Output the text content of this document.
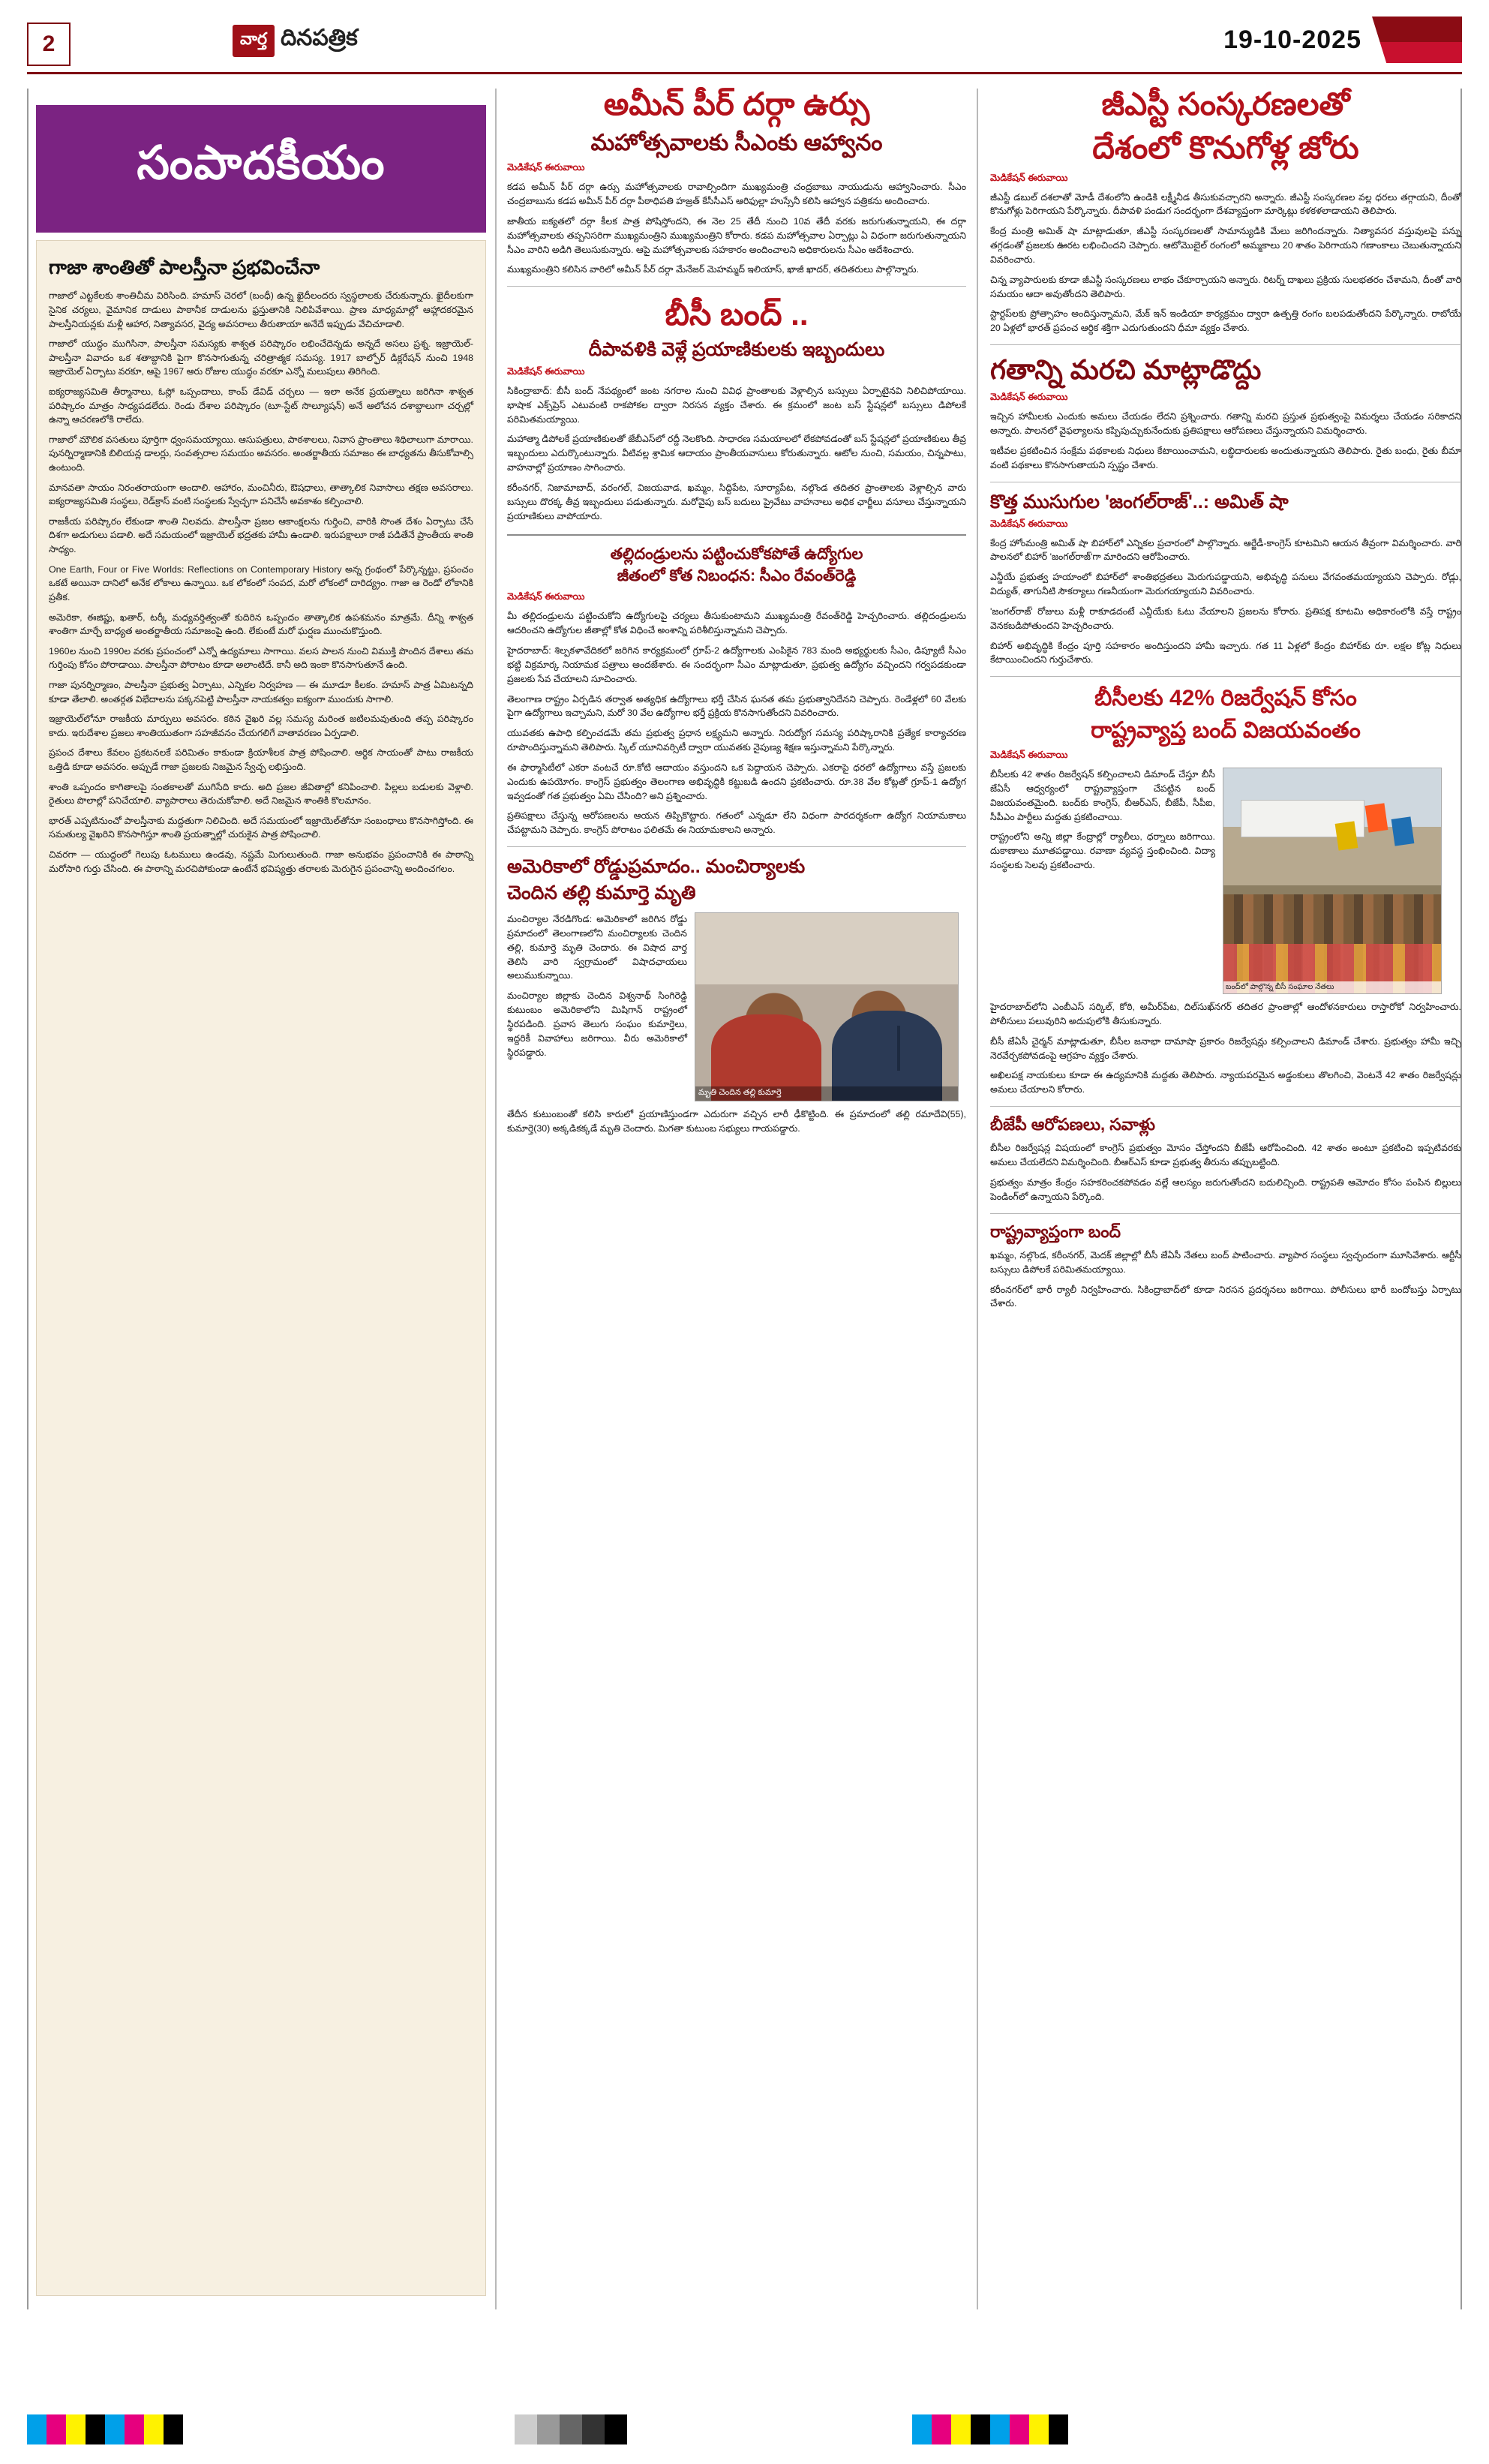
2	వార్త దినపత్రిక	19-10-2025
సంపాదకీయం
గాజా శాంతితో పాలస్తీనా ప్రభవించేనా

గాజాలో ఎట్టకేలకు శాంతిచీమ విరిసింది. హమాస్ చెరలో (బంధీ) ఉన్న ఖైదీలందరు స్వస్థలాలకు చేరుకున్నారు. ఖైదీలకుగా సైనిక చర్యలు, వైమానిక దాడులు పాఠానీక దాడులను ఫ్రస్తుతానికి నిలిపివేశాయి. ప్రాణ మాధ్యమాల్లో ఆహ్లాదకరమైన పాలస్తీనియన్లకు మళ్లీ ఆహార, నిత్యావసర, వైద్య అవసరాలు తీరుతాయా అనేదే ఇప్పుడు వేచిచూడాలి.

గాజాలో యుద్ధం ముగిసినా, పాలస్తీనా సమస్యకు శాశ్వత పరిష్కారం లభించేదెన్నడు అన్నదే అసలు ప్రశ్న. ఇజ్రాయెల్-పాలస్తీనా వివాదం ఒక శతాబ్దానికి పైగా కొనసాగుతున్న చరిత్రాత్మక సమస్య. 1917 బాల్ఫోర్ డిక్లరేషన్ నుంచి 1948 ఇజ్రాయెల్ ఏర్పాటు వరకూ, ఆపై 1967 ఆరు రోజుల యుద్ధం వరకూ ఎన్నో మలుపులు తిరిగింది.

ఐక్యరాజ్యసమితి తీర్మానాలు, ఓస్లో ఒప్పందాలు, కాంప్ డేవిడ్ చర్చలు — ఇలా అనేక ప్రయత్నాలు జరిగినా శాశ్వత పరిష్కారం మాత్రం సాధ్యపడలేదు. రెండు దేశాల పరిష్కారం (టూ-స్టేట్ సొల్యూషన్) అనే ఆలోచన దశాబ్దాలుగా చర్చల్లో ఉన్నా ఆచరణలోకి రాలేదు.

గాజాలో మౌలిక వసతులు పూర్తిగా ధ్వంసమయ్యాయి. ఆసుపత్రులు, పాఠశాలలు, నివాస ప్రాంతాలు శిథిలాలుగా మారాయి. పునర్నిర్మాణానికి బిలియన్ల డాలర్లు, సంవత్సరాల సమయం అవసరం. అంతర్జాతీయ సమాజం ఈ బాధ్యతను తీసుకోవాల్సి ఉంటుంది.

మానవతా సాయం నిరంతరాయంగా అందాలి. ఆహారం, మంచినీరు, ఔషధాలు, తాత్కాలిక నివాసాలు తక్షణ అవసరాలు. ఐక్యరాజ్యసమితి సంస్థలు, రెడ్‌క్రాస్ వంటి సంస్థలకు స్వేచ్ఛగా పనిచేసే అవకాశం కల్పించాలి.

రాజకీయ పరిష్కారం లేకుండా శాంతి నిలవదు. పాలస్తీనా ప్రజల ఆకాంక్షలను గుర్తించి, వారికి సొంత దేశం ఏర్పాటు చేసే దిశగా అడుగులు పడాలి. అదే సమయంలో ఇజ్రాయెల్ భద్రతకు హామీ ఉండాలి. ఇరుపక్షాలూ రాజీ పడితేనే ప్రాంతీయ శాంతి సాధ్యం.

One Earth, Four or Five Worlds: Reflections on Contemporary History అన్న గ్రంథంలో పేర్కొన్నట్టు, ప్రపంచం ఒకటే అయినా దానిలో అనేక లోకాలు ఉన్నాయి. ఒక లోకంలో సంపద, మరో లోకంలో దారిద్య్రం. గాజా ఆ రెండో లోకానికి ప్రతీక.

అమెరికా, ఈజిప్టు, ఖతార్, టర్కీ మధ్యవర్తిత్వంతో కుదిరిన ఒప్పందం తాత్కాలిక ఉపశమనం మాత్రమే. దీన్ని శాశ్వత శాంతిగా మార్చే బాధ్యత అంతర్జాతీయ సమాజంపై ఉంది. లేకుంటే మరో ఘర్షణ ముంచుకొస్తుంది.

1960ల నుంచి 1990ల వరకు ప్రపంచంలో ఎన్నో ఉద్యమాలు సాగాయి. వలస పాలన నుంచి విముక్తి పొందిన దేశాలు తమ గుర్తింపు కోసం పోరాడాయి. పాలస్తీనా పోరాటం కూడా అలాంటిదే. కానీ అది ఇంకా కొనసాగుతూనే ఉంది.

గాజా పునర్నిర్మాణం, పాలస్తీనా ప్రభుత్వ ఏర్పాటు, ఎన్నికల నిర్వహణ — ఈ మూడూ కీలకం. హమాస్ పాత్ర ఏమిటన్నది కూడా తేలాలి. అంతర్గత విభేదాలను పక్కనపెట్టి పాలస్తీనా నాయకత్వం ఐక్యంగా ముందుకు సాగాలి.

ఇజ్రాయెల్‌లోనూ రాజకీయ మార్పులు అవసరం. కఠిన వైఖరి వల్ల సమస్య మరింత జటిలమవుతుంది తప్ప పరిష్కారం కాదు. ఇరుదేశాల ప్రజలు శాంతియుతంగా సహజీవనం చేయగలిగే వాతావరణం ఏర్పడాలి.

ప్రపంచ దేశాలు కేవలం ప్రకటనలకే పరిమితం కాకుండా క్రియాశీలక పాత్ర పోషించాలి. ఆర్థిక సాయంతో పాటు రాజకీయ ఒత్తిడి కూడా అవసరం. అప్పుడే గాజా ప్రజలకు నిజమైన స్వేచ్ఛ లభిస్తుంది.

శాంతి ఒప్పందం కాగితాలపై సంతకాలతో ముగిసేది కాదు. అది ప్రజల జీవితాల్లో కనిపించాలి. పిల్లలు బడులకు వెళ్లాలి. రైతులు పొలాల్లో పనిచేయాలి. వ్యాపారాలు తెరుచుకోవాలి. అదే నిజమైన శాంతికి కొలమానం.

భారత్ ఎప్పటినుంచో పాలస్తీనాకు మద్దతుగా నిలిచింది. అదే సమయంలో ఇజ్రాయెల్‌తోనూ సంబంధాలు కొనసాగిస్తోంది. ఈ సమతుల్య వైఖరిని కొనసాగిస్తూ శాంతి ప్రయత్నాల్లో చురుకైన పాత్ర పోషించాలి.

చివరగా — యుద్ధంలో గెలుపు ఓటములు ఉండవు, నష్టమే మిగులుతుంది. గాజా అనుభవం ప్రపంచానికి ఈ పాఠాన్ని మరోసారి గుర్తు చేసింది. ఈ పాఠాన్ని మరచిపోకుండా ఉంటేనే భవిష్యత్తు తరాలకు మెరుగైన ప్రపంచాన్ని అందించగలం.

అమీన్ పీర్ దర్గా ఉర్సు
మహోత్సవాలకు సీఎంకు ఆహ్వానం
మెడికేషన్ ఈరువాయి

కడప అమీన్ పీర్ దర్గా ఉర్సు మహోత్సవాలకు రావాల్సిందిగా ముఖ్యమంత్రి చంద్రబాబు నాయుడును ఆహ్వానించారు. సీఎం చంద్రబాబును కడప అమీన్ పీర్ దర్గా పీఠాధిపతి హజ్రత్ కేసీసీఎస్ ఆరిఫుల్లా హుస్సేనీ కలిసి ఆహ్వాన పత్రికను అందించారు.

జాతీయ ఐక్యతలో దర్గా కీలక పాత్ర పోషిస్తోందని, ఈ నెల 25 తేదీ నుంచి 10వ తేదీ వరకు జరుగుతున్నాయని, ఈ దర్గా మహోత్సవాలకు తప్పనిసరిగా ముఖ్యమంత్రిని ముఖ్యమంత్రిని కోరారు. కడప మహోత్సవాల ఏర్పాట్లు ఏ విధంగా జరుగుతున్నాయని సీఎం వారిని అడిగి తెలుసుకున్నారు. ఆపై మహోత్సవాలకు సహకారం అందించాలని అధికారులను సీఎం ఆదేశించారు.

ముఖ్యమంత్రిని కలిసిన వారిలో అమీన్ పీర్ దర్గా మేనేజర్ మెహమ్మద్ ఇలియాస్, ఖాజీ ఖాదర్, తదితరులు పాల్గొన్నారు.

బీసీ బంద్ ..
దీపావళికి వెళ్లే ప్రయాణికులకు ఇబ్బందులు
మెడికేషన్ ఈరువాయి

సికింద్రాబాద్: బీసీ బంద్ నేపథ్యంలో జంట నగరాల నుంచి వివిధ ప్రాంతాలకు వెళ్లాల్సిన బస్సులు ఏర్పాటైనవి నిలిచిపోయాయి. భాషాక ఎక్స్‌ప్రెస్ ఎటువంటి రాకపోకల ద్వారా నిరసన వ్యక్తం చేశారు. ఈ క్రమంలో జంట బస్ స్టేషన్లలో బస్సులు డిపోలకే పరిమితమయ్యాయి.

మహాత్మా డిపోలకే ప్రయాణికులతో జేబీఎస్‌లో రద్దీ నెలకొంది. సాధారణ సమయాలలో లేకపోవడంతో బస్ స్టేషన్లలో ప్రయాణికులు తీవ్ర ఇబ్బందులు ఎదుర్కొంటున్నారు. వీటివల్ల శ్రామిక ఆదాయం ప్రాంతీయవాసులు కోరుతున్నారు. ఆటోల నుంచి, సమయం, చిన్నపాటు, వాహనాల్లో ప్రయాణం సాగించారు.

కరీంనగర్, నిజామాబాద్, వరంగల్, విజయవాడ, ఖమ్మం, సిద్దిపేట, సూర్యాపేట, నల్గొండ తదితర ప్రాంతాలకు వెళ్లాల్సిన వారు బస్సులు దొరక్క తీవ్ర ఇబ్బందులు పడుతున్నారు. మరోవైపు బస్ బదులు ప్రైవేటు వాహనాలు అధిక ఛార్జీలు వసూలు చేస్తున్నాయని ప్రయాణికులు వాపోయారు.

తల్లిదండ్రులను పట్టించుకోకపోతే ఉద్యోగుల
జీతంలో కోత నిబంధన: సీఎం రేవంత్‌రెడ్డి
మెడికేషన్ ఈరువాయి

మీ తల్లిదండ్రులను పట్టించుకోని ఉద్యోగులపై చర్యలు తీసుకుంటామని ముఖ్యమంత్రి రేవంత్‌రెడ్డి హెచ్చరించారు. తల్లిదండ్రులను ఆదరించని ఉద్యోగుల జీతాల్లో కోత విధించే అంశాన్ని పరిశీలిస్తున్నామని చెప్పారు.

హైదరాబాద్: శిల్పకళావేదికలో జరిగిన కార్యక్రమంలో గ్రూప్-2 ఉద్యోగాలకు ఎంపికైన 783 మంది అభ్యర్థులకు సీఎం, డిప్యూటీ సీఎం భట్టి విక్రమార్క నియామక పత్రాలు అందజేశారు. ఈ సందర్భంగా సీఎం మాట్లాడుతూ, ప్రభుత్వ ఉద్యోగం వచ్చిందని గర్వపడకుండా ప్రజలకు సేవ చేయాలని సూచించారు.

తెలంగాణ రాష్ట్రం ఏర్పడిన తర్వాత అత్యధిక ఉద్యోగాలు భర్తీ చేసిన ఘనత తమ ప్రభుత్వానిదేనని చెప్పారు. రెండేళ్లలో 60 వేలకు పైగా ఉద్యోగాలు ఇచ్చామని, మరో 30 వేల ఉద్యోగాల భర్తీ ప్రక్రియ కొనసాగుతోందని వివరించారు.

యువతకు ఉపాధి కల్పించడమే తమ ప్రభుత్వ ప్రధాన లక్ష్యమని అన్నారు. నిరుద్యోగ సమస్య పరిష్కారానికి ప్రత్యేక కార్యాచరణ రూపొందిస్తున్నామని తెలిపారు. స్కిల్ యూనివర్సిటీ ద్వారా యువతకు నైపుణ్య శిక్షణ ఇస్తున్నామని పేర్కొన్నారు.

ఈ ఫార్మాసిటీలో ఎకరా వంటచే రూ.కోటి ఆదాయం వస్తుందని ఒక పెద్దాయన చెప్పారు. ఎకరాపై ధరలో ఉద్యోగాలు వస్తే ప్రజలకు ఎందుకు ఉపయోగం. కాంగ్రెస్ ప్రభుత్వం తెలంగాణ అభివృద్ధికి కట్టుబడి ఉందని ప్రకటించారు. రూ.38 వేల కోట్లతో గ్రూప్-1 ఉద్యోగ ఇవ్వడంతో గత ప్రభుత్వం ఏమి చేసింది? అని ప్రశ్నించారు.

ప్రతిపక్షాలు చేస్తున్న ఆరోపణలను ఆయన తిప్పికొట్టారు. గతంలో ఎన్నడూ లేని విధంగా పారదర్శకంగా ఉద్యోగ నియామకాలు చేపట్టామని చెప్పారు. కాంగ్రెస్ పోరాటం ఫలితమే ఈ నియామకాలని అన్నారు.

అమెరికాలో రోడ్డుప్రమాదం.. మంచిర్యాలకు
చెందిన తల్లి కుమార్తె మృతి

మంచిర్యాల నేరడిగొండ: అమెరికాలో జరిగిన రోడ్డు ప్రమాదంలో తెలంగాణలోని మంచిర్యాలకు చెందిన తల్లి, కుమార్తె మృతి చెందారు. ఈ విషాద వార్త తెలిసి వారి స్వగ్రామంలో విషాదఛాయలు అలుముకున్నాయి.

మంచిర్యాల జిల్లాకు చెందిన విశ్వనాథ్ సింగిరెడ్డి కుటుంబం అమెరికాలోని మిషిగాన్ రాష్ట్రంలో స్థిరపడింది. ప్రవాస తెలుగు సంఘం కుమార్తెలు, ఇద్దరికీ వివాహాలు జరిగాయి. వీరు అమెరికాలో స్థిరపడ్డారు.

మృతి చెందిన తల్లి కుమార్తె

తేదీన కుటుంబంతో కలిసి కారులో ప్రయాణిస్తుండగా ఎదురుగా వచ్చిన లారీ ఢీకొట్టింది. ఈ ప్రమాదంలో తల్లి రమాదేవి(55), కుమార్తె(30) అక్కడికక్కడే మృతి చెందారు. మిగతా కుటుంబ సభ్యులు గాయపడ్డారు.

జీఎస్టీ సంస్కరణలతో
దేశంలో కొనుగోళ్ల జోరు
మెడికేషన్ ఈరువాయి

జీఎస్టీ డబుల్ దశలాతో మోడీ దేశంలోని ఉండికి లక్ష్మీనీడ తీసుకువచ్చారని అన్నారు. జీఎస్టీ సంస్కరణల వల్ల ధరలు తగ్గాయని, దీంతో కొనుగోళ్లు పెరిగాయని పేర్కొన్నారు. దీపావళి పండుగ సందర్భంగా దేశవ్యాప్తంగా మార్కెట్లు కళకళలాడాయని తెలిపారు.

కేంద్ర మంత్రి అమిత్ షా మాట్లాడుతూ, జీఎస్టీ సంస్కరణలతో సామాన్యుడికి మేలు జరిగిందన్నారు. నిత్యావసర వస్తువులపై పన్ను తగ్గడంతో ప్రజలకు ఊరట లభించిందని చెప్పారు. ఆటోమొబైల్ రంగంలో అమ్మకాలు 20 శాతం పెరిగాయని గణాంకాలు చెబుతున్నాయని వివరించారు.

చిన్న వ్యాపారులకు కూడా జీఎస్టీ సంస్కరణలు లాభం చేకూర్చాయని అన్నారు. రిటర్న్ దాఖలు ప్రక్రియ సులభతరం చేశామని, దీంతో వారి సమయం ఆదా అవుతోందని తెలిపారు.

స్టార్టప్‌లకు ప్రోత్సాహం అందిస్తున్నామని, మేక్ ఇన్ ఇండియా కార్యక్రమం ద్వారా ఉత్పత్తి రంగం బలపడుతోందని పేర్కొన్నారు. రాబోయే 20 ఏళ్లలో భారత్ ప్రపంచ ఆర్థిక శక్తిగా ఎదుగుతుందని ధీమా వ్యక్తం చేశారు.

గతాన్ని మరచి మాట్లాడొద్దు
మెడికేషన్ ఈరువాయి

ఇచ్చిన హామీలకు ఎందుకు అమలు చేయడం లేదని ప్రశ్నించారు. గతాన్ని మరచి ప్రస్తుత ప్రభుత్వంపై విమర్శలు చేయడం సరికాదని అన్నారు. పాలనలో వైఫల్యాలను కప్పిపుచ్చుకునేందుకు ప్రతిపక్షాలు ఆరోపణలు చేస్తున్నాయని విమర్శించారు.

ఇటీవల ప్రకటించిన సంక్షేమ పథకాలకు నిధులు కేటాయించామని, లబ్ధిదారులకు అందుతున్నాయని తెలిపారు. రైతు బంధు, రైతు బీమా వంటి పథకాలు కొనసాగుతాయని స్పష్టం చేశారు.

కొత్త ముసుగుల 'జంగల్‌రాజ్'..: అమిత్ షా
మెడికేషన్ ఈరువాయి

కేంద్ర హోంమంత్రి అమిత్ షా బిహార్‌లో ఎన్నికల ప్రచారంలో పాల్గొన్నారు. ఆర్జేడీ-కాంగ్రెస్ కూటమిని ఆయన తీవ్రంగా విమర్శించారు. వారి పాలనలో బిహార్ 'జంగల్‌రాజ్'గా మారిందని ఆరోపించారు.

ఎన్డీయే ప్రభుత్వ హయాంలో బిహార్‌లో శాంతిభద్రతలు మెరుగుపడ్డాయని, అభివృద్ధి పనులు వేగవంతమయ్యాయని చెప్పారు. రోడ్లు, విద్యుత్, తాగునీటి సౌకర్యాలు గణనీయంగా మెరుగయ్యాయని వివరించారు.

'జంగల్‌రాజ్' రోజులు మళ్లీ రాకూడదంటే ఎన్డీయేకు ఓటు వేయాలని ప్రజలను కోరారు. ప్రతిపక్ష కూటమి అధికారంలోకి వస్తే రాష్ట్రం వెనకబడిపోతుందని హెచ్చరించారు.

బిహార్ అభివృద్ధికి కేంద్రం పూర్తి సహకారం అందిస్తుందని హామీ ఇచ్చారు. గత 11 ఏళ్లలో కేంద్రం బిహార్‌కు రూ. లక్షల కోట్ల నిధులు కేటాయించిందని గుర్తుచేశారు.

బీసీలకు 42% రిజర్వేషన్ కోసం
రాష్ట్రవ్యాప్త బంద్ విజయవంతం
మెడికేషన్ ఈరువాయి

బీసీలకు 42 శాతం రిజర్వేషన్ కల్పించాలని డిమాండ్ చేస్తూ బీసీ జేఏసీ ఆధ్వర్యంలో రాష్ట్రవ్యాప్తంగా చేపట్టిన బంద్ విజయవంతమైంది. బంద్‌కు కాంగ్రెస్, బీఆర్ఎస్, బీజేపీ, సీపీఐ, సీపీఎం పార్టీలు మద్దతు ప్రకటించాయి.

రాష్ట్రంలోని అన్ని జిల్లా కేంద్రాల్లో ర్యాలీలు, ధర్నాలు జరిగాయి. దుకాణాలు మూతపడ్డాయి. రవాణా వ్యవస్థ స్తంభించింది. విద్యా సంస్థలకు సెలవు ప్రకటించారు.

బంద్‌లో పాల్గొన్న బీసీ సంఘాల నేతలు

హైదరాబాద్‌లోని ఎంబీఎస్ సర్కిల్, కోఠి, అమీర్‌పేట, దిల్‌సుఖ్‌నగర్ తదితర ప్రాంతాల్లో ఆందోళనకారులు రాస్తారోకో నిర్వహించారు. పోలీసులు పలువురిని అదుపులోకి తీసుకున్నారు.

బీసీ జేఏసీ చైర్మన్ మాట్లాడుతూ, బీసీల జనాభా దామాషా ప్రకారం రిజర్వేషన్లు కల్పించాలని డిమాండ్ చేశారు. ప్రభుత్వం హామీ ఇచ్చి నెరవేర్చకపోవడంపై ఆగ్రహం వ్యక్తం చేశారు.

అఖిలపక్ష నాయకులు కూడా ఈ ఉద్యమానికి మద్దతు తెలిపారు. న్యాయపరమైన అడ్డంకులు తొలగించి, వెంటనే 42 శాతం రిజర్వేషన్లు అమలు చేయాలని కోరారు.

బీజేపీ ఆరోపణలు, సవాళ్లు

బీసీల రిజర్వేషన్ల విషయంలో కాంగ్రెస్ ప్రభుత్వం మోసం చేస్తోందని బీజేపీ ఆరోపించింది. 42 శాతం అంటూ ప్రకటించి ఇప్పటివరకు అమలు చేయలేదని విమర్శించింది. బీఆర్ఎస్ కూడా ప్రభుత్వ తీరును తప్పుబట్టింది.

ప్రభుత్వం మాత్రం కేంద్రం సహకరించకపోవడం వల్లే ఆలస్యం జరుగుతోందని బదులిచ్చింది. రాష్ట్రపతి ఆమోదం కోసం పంపిన బిల్లులు పెండింగ్‌లో ఉన్నాయని పేర్కొంది.

రాష్ట్రవ్యాప్తంగా బంద్

ఖమ్మం, నల్గొండ, కరీంనగర్, మెదక్ జిల్లాల్లో బీసీ జేఏసీ నేతలు బంద్ పాటించారు. వ్యాపార సంస్థలు స్వచ్ఛందంగా మూసివేశారు. ఆర్టీసీ బస్సులు డిపోలకే పరిమితమయ్యాయి.

కరీంనగర్‌లో భారీ ర్యాలీ నిర్వహించారు. సికింద్రాబాద్‌లో కూడా నిరసన ప్రదర్శనలు జరిగాయి. పోలీసులు భారీ బందోబస్తు ఏర్పాటు చేశారు.
